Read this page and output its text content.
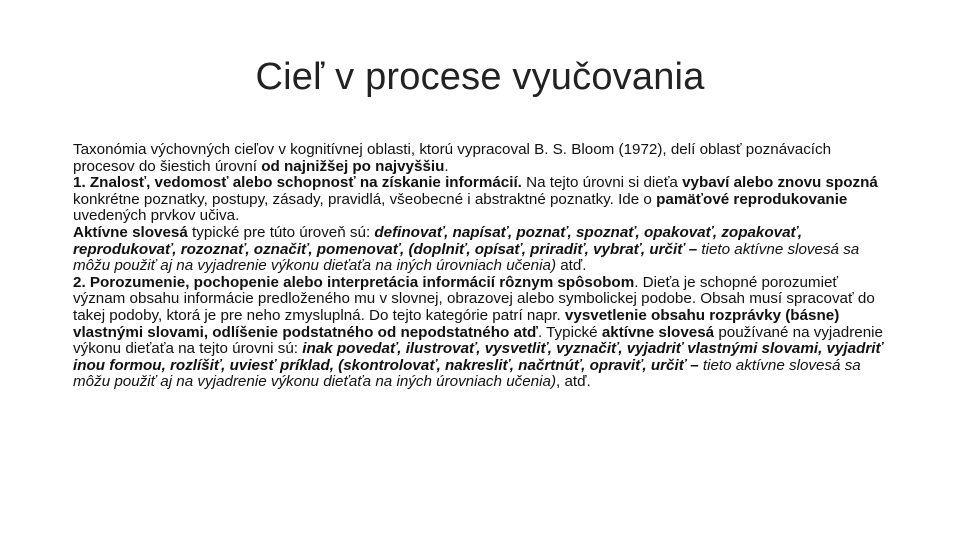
Cieľ v procese vyučovania

Taxonómia výchovných cieľov v kognitívnej oblasti, ktorú vypracoval B. S. Bloom (1972), delí oblasť poznávacích procesov do šiestich úrovní od najnižšej po najvyššiu.

1. Znalosť, vedomosť alebo schopnosť na získanie informácií. Na tejto úrovni si dieťa vybaví alebo znovu spozná konkrétne poznatky, postupy, zásady, pravidlá, všeobecné i abstraktné poznatky. Ide o pamäťové reprodukovanie uvedených prvkov učiva.

Aktívne slovesá typické pre túto úroveň sú: definovať, napísať, poznať, spoznať, opakovať, zopakovať, reprodukovať, rozoznať, označiť, pomenovať, (doplniť, opísať, priradiť, vybrať, určiť – tieto aktívne slovesá sa môžu použiť aj na vyjadrenie výkonu dieťaťa na iných úrovniach učenia) atď.

2. Porozumenie, pochopenie alebo interpretácia informácií rôznym spôsobom. Dieťa je schopné porozumieť význam obsahu informácie predloženého mu v slovnej, obrazovej alebo symbolickej podobe. Obsah musí spracovať do takej podoby, ktorá je pre neho zmysluplná. Do tejto kategórie patrí napr. vysvetlenie obsahu rozprávky (básne) vlastnými slovami, odlíšenie podstatného od nepodstatného atď. Typické aktívne slovesá používané na vyjadrenie výkonu dieťaťa na tejto úrovni sú: inak povedať, ilustrovať, vysvetliť, vyznačiť, vyjadriť vlastnými slovami, vyjadriť inou formou, rozlíšiť, uviesť príklad, (skontrolovať, nakresliť, načrtnúť, opraviť, určiť – tieto aktívne slovesá sa môžu použiť aj na vyjadrenie výkonu dieťaťa na iných úrovniach učenia), atď.
